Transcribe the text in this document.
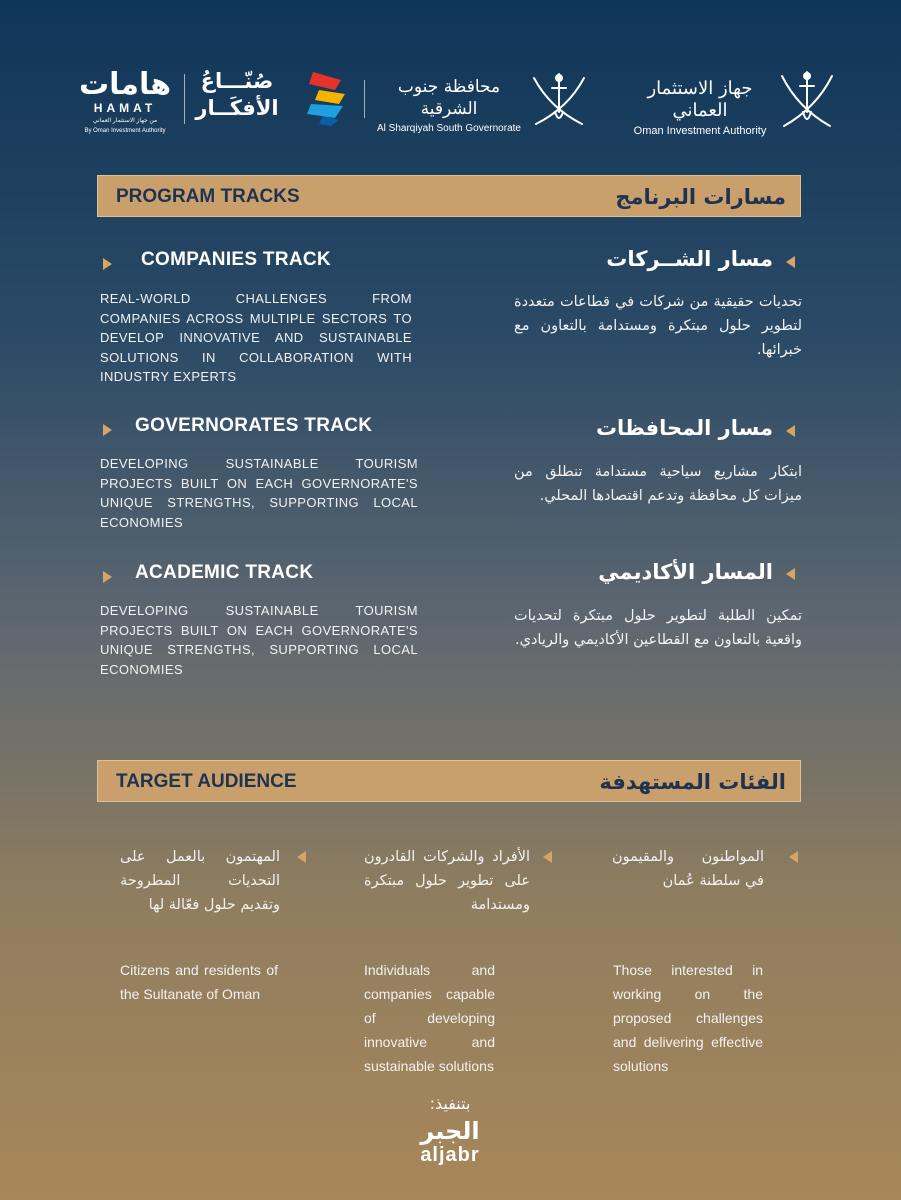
هامات
HAMAT
من جهاز الاستثمار العماني
By Oman Investment Authority
صُنّـــاعُ
الأفكَــار
محافظة جنوب الشرقية
Al Sharqiyah South Governorate
جهاز الاستثمار العماني
Oman Investment Authority
PROGRAM TRACKS	مسارات البرنامج
COMPANIES TRACK
REAL-WORLD CHALLENGES FROM COMPANIES ACROSS MULTIPLE SECTORS TO DEVELOP INNOVATIVE AND SUSTAINABLE SOLUTIONS IN COLLABORATION WITH INDUSTRY EXPERTS
مسار الشــركات
تحديات حقيقية من شركات في قطاعات متعددة لتطوير حلول مبتكرة ومستدامة بالتعاون مع خبرائها.
GOVERNORATES TRACK
DEVELOPING SUSTAINABLE TOURISM PROJECTS BUILT ON EACH GOVERNORATE'S UNIQUE STRENGTHS, SUPPORTING LOCAL ECONOMIES
مسار المحافظات
ابتكار مشاريع سياحية مستدامة تنطلق من ميزات كل محافظة وتدعم اقتصادها المحلي.
ACADEMIC TRACK
DEVELOPING SUSTAINABLE TOURISM PROJECTS BUILT ON EACH GOVERNORATE'S UNIQUE STRENGTHS, SUPPORTING LOCAL ECONOMIES
المسار الأكاديمي
تمكين الطلبة لتطوير حلول مبتكرة لتحديات واقعية بالتعاون مع القطاعين الأكاديمي والريادي.
TARGET AUDIENCE	الفئات المستهدفة
المواطنون والمقيمون في سلطنة عُمان
Those interested in working on the proposed challenges and delivering effective solutions
الأفراد والشركات القادرون على تطوير حلول مبتكرة ومستدامة
Individuals and companies capable of developing innovative and sustainable solutions
المهتمون بالعمل على التحديات المطروحة وتقديم حلول فعّالة لها
Citizens and residents of the Sultanate of Oman
بتنفيذ:
الجبر
aljabr
